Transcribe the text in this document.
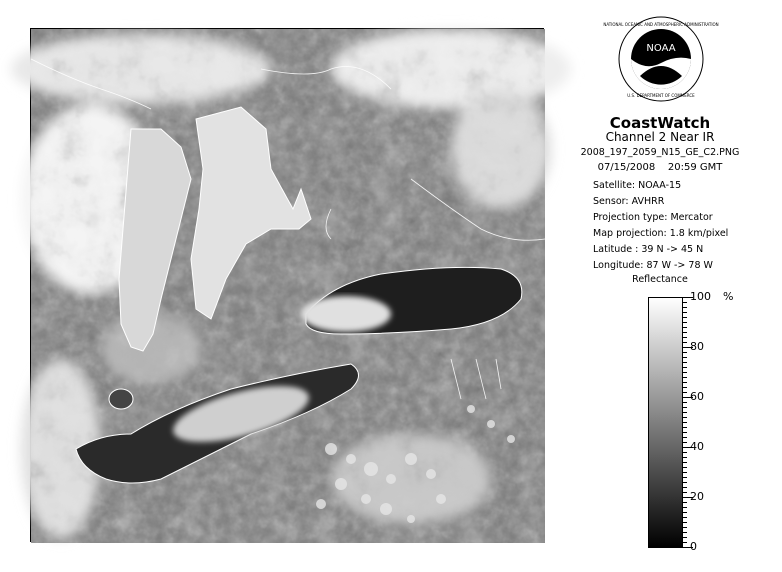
NOAA
NATIONAL OCEANIC AND ATMOSPHERIC ADMINISTRATION
U.S. DEPARTMENT OF COMMERCE
CoastWatch
Channel 2 Near IR
2008_197_2059_N15_GE_C2.PNG
07/15/2008    20:59 GMT
Satellite: NOAA-15
Sensor: AVHRR
Projection type: Mercator
Map projection: 1.8 km/pixel
Latitude : 39 N -> 45 N
Longitude: 87 W -> 78 W
Reflectance
%
100
80
60
40
20
0
